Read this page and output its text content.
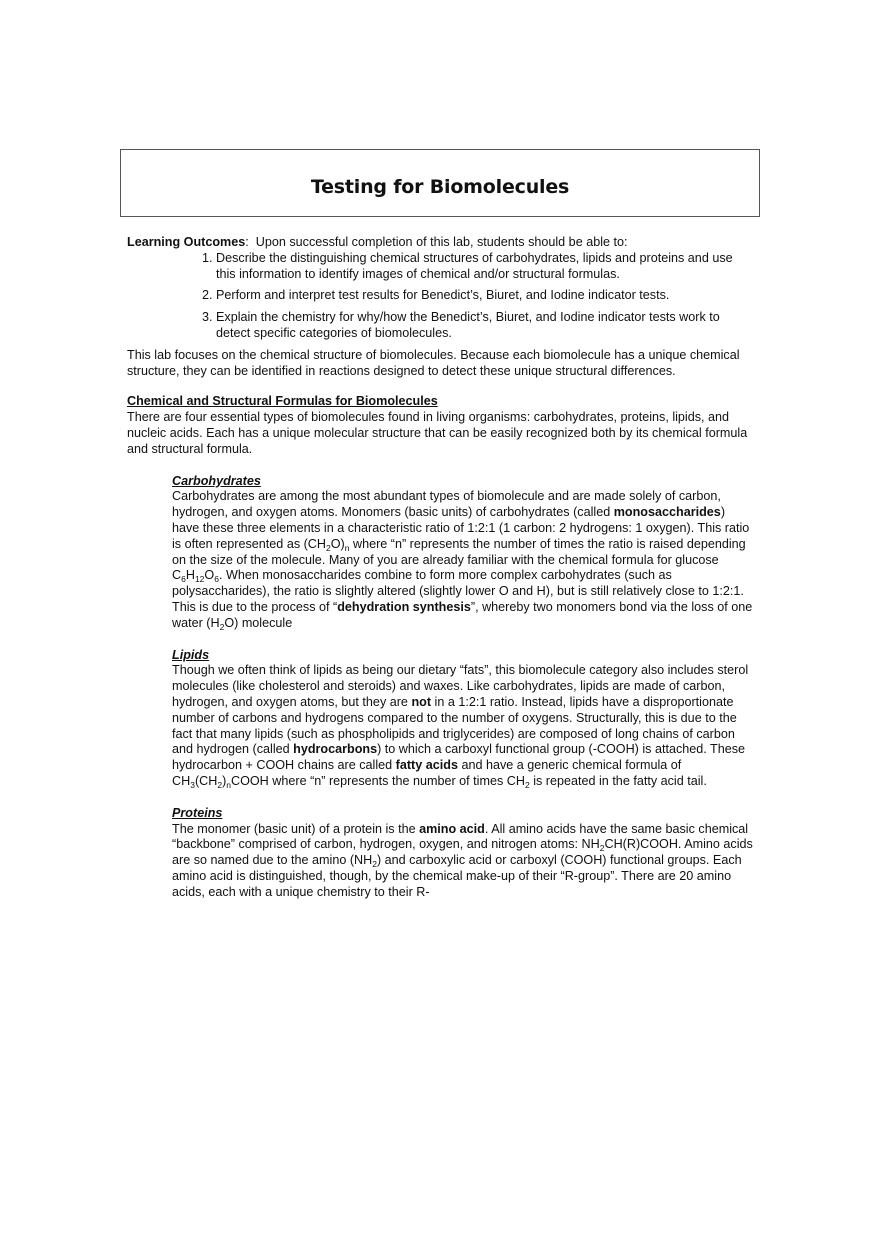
Testing for Biomolecules

Learning Outcomes:  Upon successful completion of this lab, students should be able to:

1. Describe the distinguishing chemical structures of carbohydrates, lipids and proteins and use this information to identify images of chemical and/or structural formulas.
2. Perform and interpret test results for Benedict’s, Biuret, and Iodine indicator tests.
3. Explain the chemistry for why/how the Benedict’s, Biuret, and Iodine indicator tests work to detect specific categories of biomolecules.

This lab focuses on the chemical structure of biomolecules. Because each biomolecule has a unique chemical structure, they can be identified in reactions designed to detect these unique structural differences.

Chemical and Structural Formulas for Biomolecules

There are four essential types of biomolecules found in living organisms: carbohydrates, proteins, lipids, and nucleic acids. Each has a unique molecular structure that can be easily recognized both by its chemical formula and structural formula.

Carbohydrates

Carbohydrates are among the most abundant types of biomolecule and are made solely of carbon, hydrogen, and oxygen atoms. Monomers (basic units) of carbohydrates (called monosaccharides) have these three elements in a characteristic ratio of 1:2:1 (1 carbon: 2 hydrogens: 1 oxygen). This ratio is often represented as $(CH_2O)_n$ where “n” represents the number of times the ratio is raised depending on the size of the molecule. Many of you are already familiar with the chemical formula for glucose $C_6H_{12}O_6$. When monosaccharides combine to form more complex carbohydrates (such as polysaccharides), the ratio is slightly altered (slightly lower O and H), but is still relatively close to 1:2:1. This is due to the process of “dehydration synthesis”, whereby two monomers bond via the loss of one water $(H_2O)$ molecule

Lipids

Though we often think of lipids as being our dietary “fats”, this biomolecule category also includes sterol molecules (like cholesterol and steroids) and waxes. Like carbohydrates, lipids are made of carbon, hydrogen, and oxygen atoms, but they are not in a 1:2:1 ratio. Instead, lipids have a disproportionate number of carbons and hydrogens compared to the number of oxygens. Structurally, this is due to the fact that many lipids (such as phospholipids and triglycerides) are composed of long chains of carbon and hydrogen (called hydrocarbons) to which a carboxyl functional group (-COOH) is attached. These hydrocarbon + COOH chains are called fatty acids and have a generic chemical formula of $CH_3(CH_2)_nCOOH$ where “n” represents the number of times $CH_2$ is repeated in the fatty acid tail.

Proteins

The monomer (basic unit) of a protein is the amino acid. All amino acids have the same basic chemical “backbone” comprised of carbon, hydrogen, oxygen, and nitrogen atoms: $NH_2CH(R)COOH$. Amino acids are so named due to the amino $(NH_2)$ and carboxylic acid or carboxyl (COOH) functional groups. Each amino acid is distinguished, though, by the chemical make-up of their “R-group”. There are 20 amino acids, each with a unique chemistry to their R-
